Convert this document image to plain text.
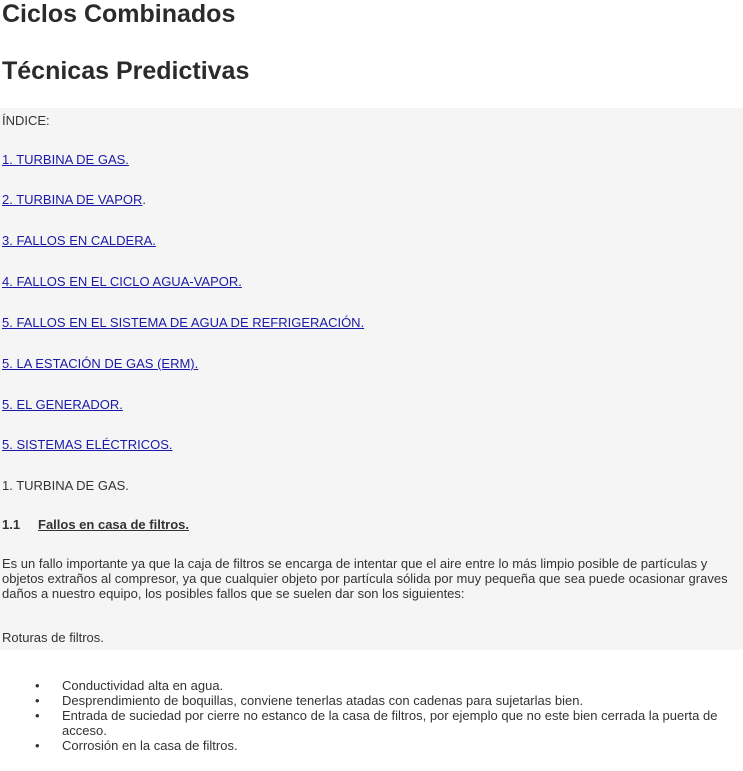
Ciclos Combinados
Técnicas Predictivas
ÍNDICE:
1. TURBINA DE GAS.
2. TURBINA DE VAPOR.
3. FALLOS EN CALDERA.
4. FALLOS EN EL CICLO AGUA-VAPOR.
5. FALLOS EN EL SISTEMA DE AGUA DE REFRIGERACIÓN.
5. LA ESTACIÓN DE GAS (ERM).
5. EL GENERADOR.
5. SISTEMAS ELÉCTRICOS.
1. TURBINA DE GAS.
1.1 Fallos en casa de filtros.
Es un fallo importante ya que la caja de filtros se encarga de intentar que el aire entre lo más limpio posible de partículas y objetos extraños al compresor, ya que cualquier objeto por partícula sólida por muy pequeña que sea puede ocasionar graves daños a nuestro equipo, los posibles fallos que se suelen dar son los siguientes:
Roturas de filtros.
• Conductividad alta en agua.
• Desprendimiento de boquillas, conviene tenerlas atadas con cadenas para sujetarlas bien.
• Entrada de suciedad por cierre no estanco de la casa de filtros, por ejemplo que no este bien cerrada la puerta de acceso.
• Corrosión en la casa de filtros.
